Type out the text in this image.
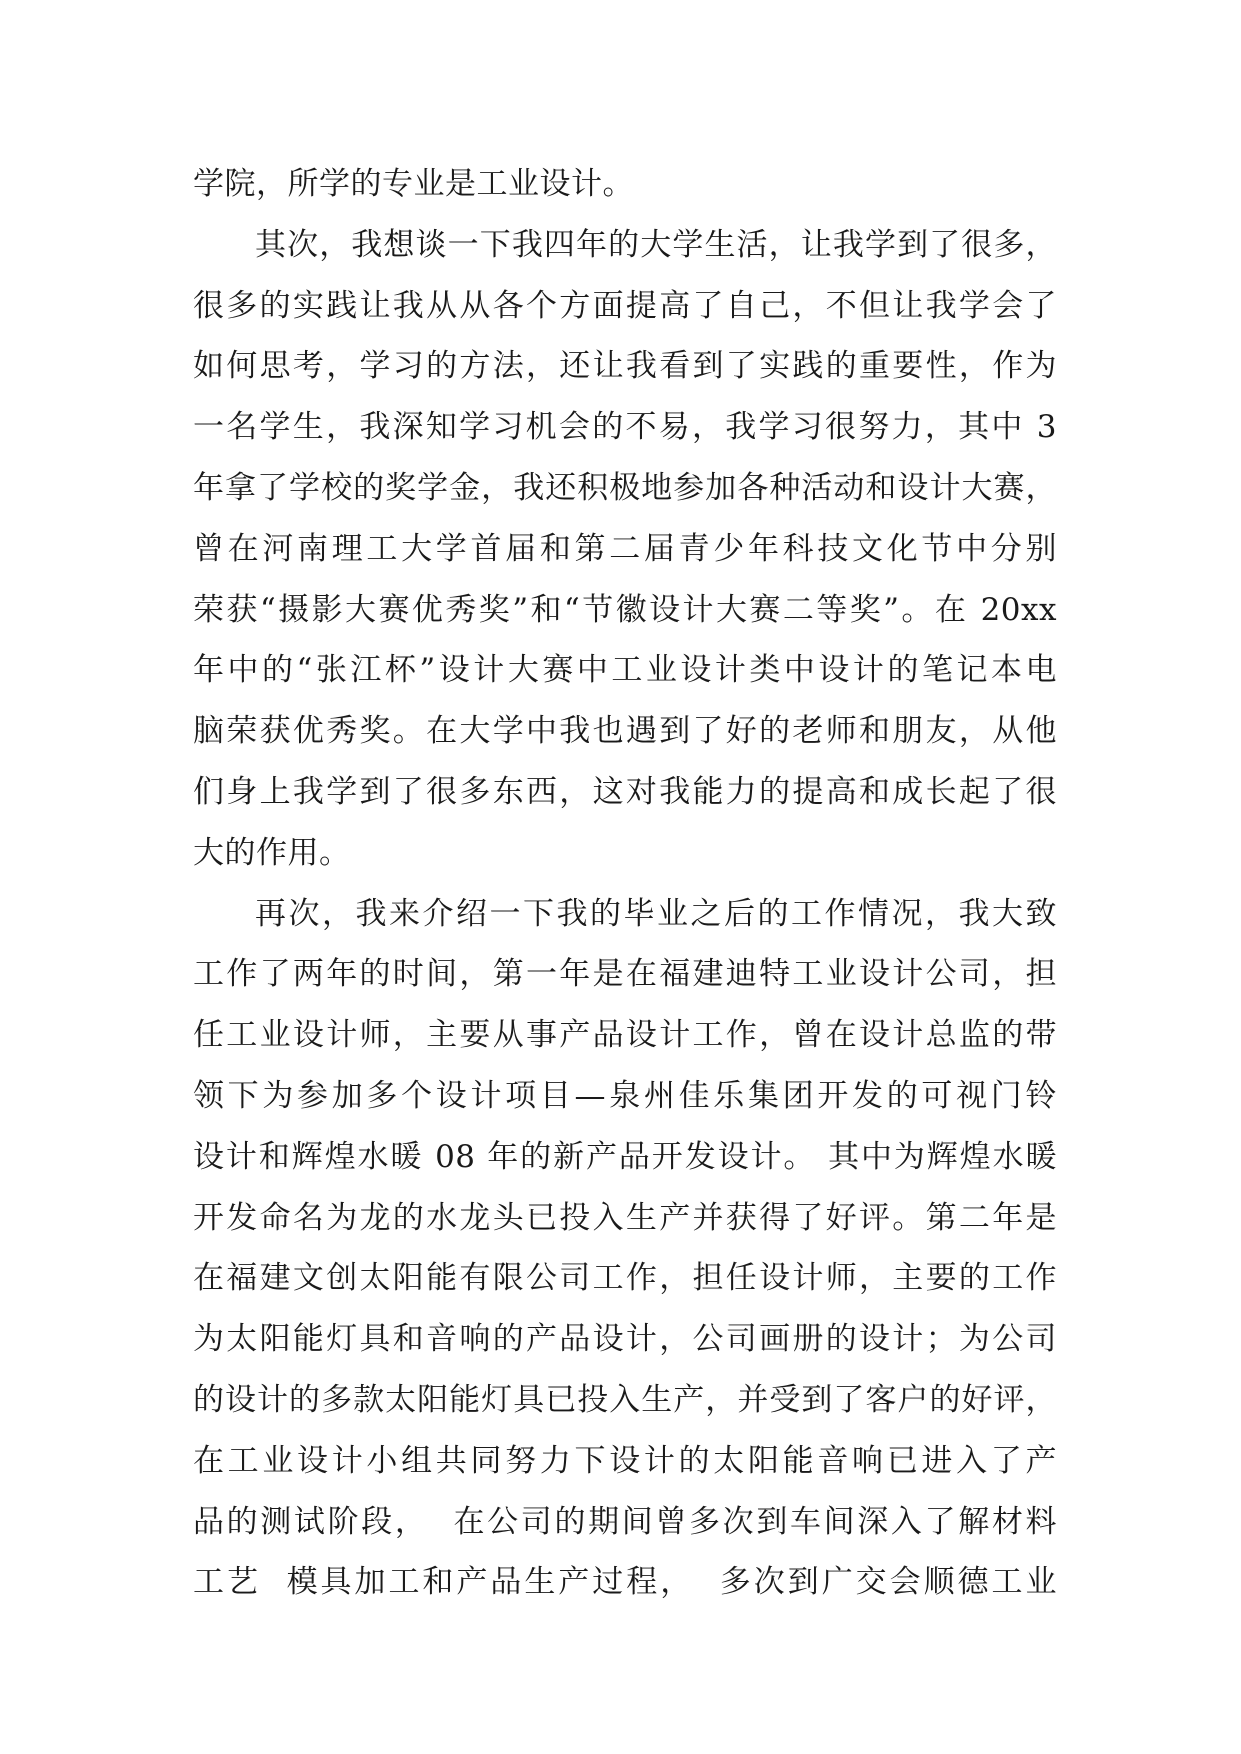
学院，所学的专业是工业设计。
其次，我想谈一下我四年的大学生活，让我学到了很多，
很多的实践让我从从各个方面提高了自己，不但让我学会了
如何思考，学习的方法，还让我看到了实践的重要性，作为
一名学生，我深知学习机会的不易，我学习很努力，其中 3
年拿了学校的奖学金，我还积极地参加各种活动和设计大赛，
曾在河南理工大学首届和第二届青少年科技文化节中分别
荣获“摄影大赛优秀奖”和“节徽设计大赛二等奖”。在 20xx
年中的“张江杯”设计大赛中工业设计类中设计的笔记本电
脑荣获优秀奖。在大学中我也遇到了好的老师和朋友，从他
们身上我学到了很多东西，这对我能力的提高和成长起了很
大的作用。
再次，我来介绍一下我的毕业之后的工作情况，我大致
工作了两年的时间，第一年是在福建迪特工业设计公司，担
任工业设计师，主要从事产品设计工作，曾在设计总监的带
领下为参加多个设计项目—泉州佳乐集团开发的可视门铃
设计和辉煌水暖 08 年的新产品开发设计。 其中为辉煌水暖
开发命名为龙的水龙头已投入生产并获得了好评。第二年是
在福建文创太阳能有限公司工作，担任设计师，主要的工作
为太阳能灯具和音响的产品设计，公司画册的设计；为公司
的设计的多款太阳能灯具已投入生产，并受到了客户的好评，
在工业设计小组共同努力下设计的太阳能音响已进入了产
品的测试阶段，  在公司的期间曾多次到车间深入了解材料
工艺  模具加工和产品生产过程，  多次到广交会顺德工业
